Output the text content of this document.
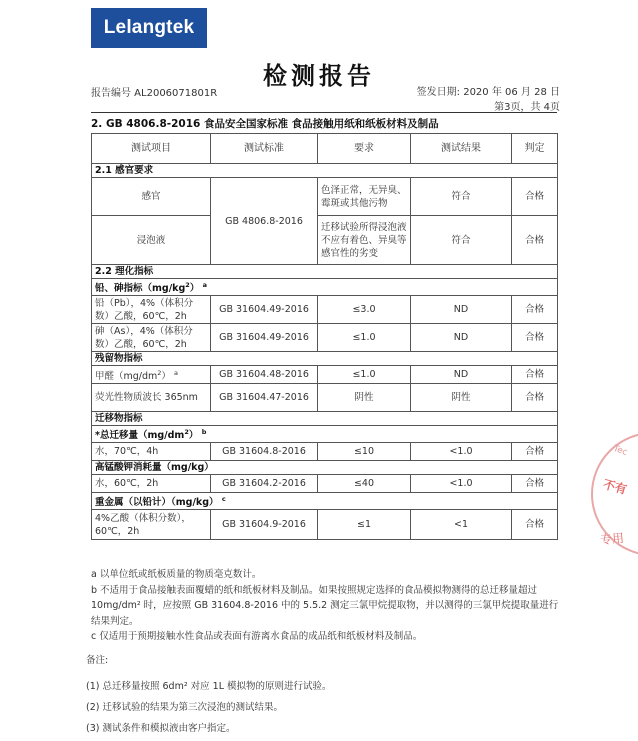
Lelangtek
检测报告
报告编号 AL2006071801R	签发日期: 2020 年 06 月 28 日
第3页，共 4页
2. GB 4806.8-2016 食品安全国家标准 食品接触用纸和纸板材料及制品
测试项目	测试标准	要求	测试结果	判定
2.1 感官要求				
感官	GB 4806.8-2016	色泽正常，无异臭、霉斑或其他污物	符合	合格
浸泡液		迁移试验所得浸泡液不应有着色、异臭等感官性的劣变	符合	合格
2.2 理化指标				
铅、砷指标$(mg/kg^2)$ $^a$
铅（Pb），4%（体积分数）乙酸，60℃，2h	GB 31604.49-2016	≤3.0	ND	合格
砷（As），4%（体积分数）乙酸，60℃，2h	GB 31604.49-2016	≤1.0	ND	合格
残留物指标				
甲醛$(mg/dm^2)$ $^a$	GB 31604.48-2016	≤1.0	ND	合格
荧光性物质波长 365nm	GB 31604.47-2016	阴性	阴性	合格
迁移物指标				
*总迁移量$(mg/dm^2)$ $^b$
水，70℃，4h	GB 31604.8-2016	≤10	<1.0	合格
高锰酸钾消耗量（mg/kg）				
水，60℃，2h	GB 31604.2-2016	≤40	<1.0	合格
重金属（以铅计）（mg/kg） $^c$
4%乙酸（体积分数），60℃，2h	GB 31604.9-2016	≤1	<1	合格

a 以单位纸或纸板质量的物质毫克数计。

b 不适用于食品接触表面覆蜡的纸和纸板材料及制品。如果按照规定选择的食品模拟物测得的总迁移量超过 10mg/dm² 时，应按照 GB 31604.8-2016 中的 5.5.2 测定三氯甲烷提取物，并以测得的三氯甲烷提取量进行结果判定。

c 仅适用于预期接触水性食品或表面有游离水食品的成品纸和纸板材料及制品。

备注:

(1) 总迁移量按照 6dm² 对应 1L 模拟物的原则进行试验。

(2) 迁移试验的结果为第三次浸泡的测试结果。

(3) 测试条件和模拟液由客户指定。

Tec
不有
专用
